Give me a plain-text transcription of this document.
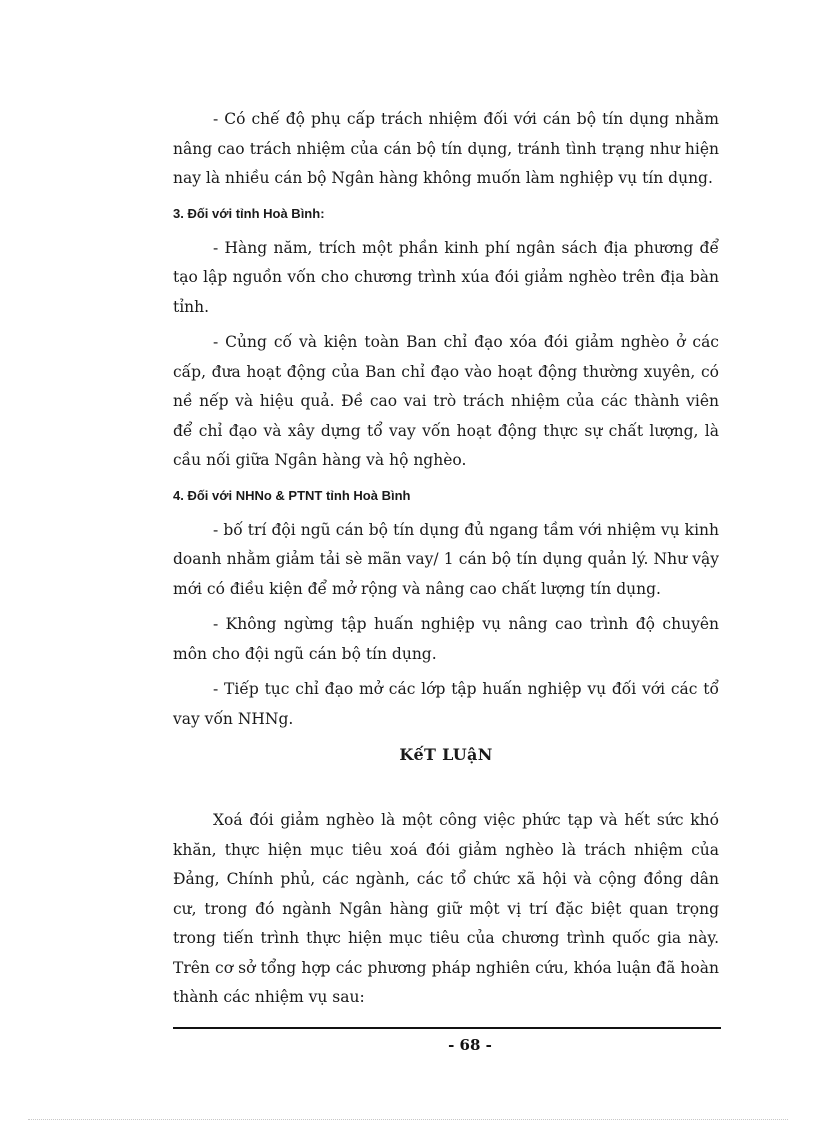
- Có chế độ phụ cấp trách nhiệm đối với cán bộ tín dụng nhằm nâng cao trách nhiệm của cán bộ tín dụng, tránh tình trạng như hiện nay là nhiều cán bộ Ngân hàng không muốn làm nghiệp vụ tín dụng.

3. Đối với tỉnh Hoà Bình:

- Hàng năm, trích một phần kinh phí ngân sách địa phương để tạo lập nguồn vốn cho chương trình xúa đói giảm nghèo trên địa bàn tỉnh.

- Củng cố và kiện toàn Ban chỉ đạo xóa đói giảm nghèo ở các cấp, đưa hoạt động của Ban chỉ đạo vào hoạt động thường xuyên, có nề nếp và hiệu quả. Đề cao vai trò trách nhiệm của các thành viên để chỉ đạo và xây dựng tổ vay vốn hoạt động thực sự chất lượng, là cầu nối giữa Ngân hàng và hộ nghèo.

4. Đối với NHNo & PTNT tỉnh Hoà Bình

- bố trí đội ngũ cán bộ tín dụng đủ ngang tầm với nhiệm vụ kinh doanh nhằm giảm tải sè mãn vay/ 1 cán bộ tín dụng quản lý. Như vậy mới có điều kiện để mở rộng và nâng cao chất lượng tín dụng.

- Không ngừng tập huấn nghiệp vụ nâng cao trình độ chuyên môn cho đội ngũ cán bộ tín dụng.

- Tiếp tục chỉ đạo mở các lớp tập huấn nghiệp vụ đối với các tổ vay vốn NHNg.

KếT LUậN

Xoá đói giảm nghèo là một công việc phức tạp và hết sức khó khăn, thực hiện mục tiêu xoá đói giảm nghèo là trách nhiệm của Đảng, Chính phủ, các ngành, các tổ chức xã hội và cộng đồng dân cư, trong đó ngành Ngân hàng giữ một vị trí đặc biệt quan trọng trong tiến trình thực hiện mục tiêu của chương trình quốc gia này. Trên cơ sở tổng hợp các phương pháp nghiên cứu, khóa luận đã hoàn thành các nhiệm vụ sau:

- 68 -
